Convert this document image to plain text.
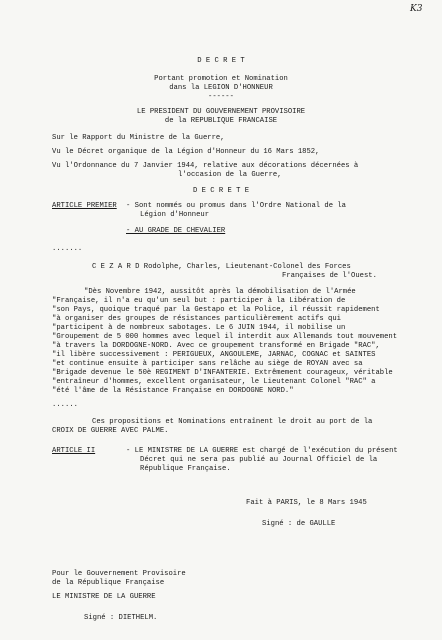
K3
D E C R E T
Portant promotion et Nomination
dans la LEGION D'HONNEUR
------
LE PRESIDENT DU GOUVERNEMENT PROVISOIRE
de la REPUBLIQUE FRANCAISE
Sur le Rapport du Ministre de la Guerre,
Vu le Décret organique de la Légion d'Honneur du 16 Mars 1852,
Vu l'Ordonnance du 7 Janvier 1944, relative aux décorations décernées à
l'occasion de la Guerre,
D E C R E T E
ARTICLE PREMIER - Sont nommés ou promus dans l'Ordre National de la
Légion d'Honneur
- AU GRADE DE CHEVALIER
.......
C E Z A R D Rodolphe, Charles, Lieutenant-Colonel des Forces
Françaises de l'Ouest.
"Dès Novembre 1942, aussitôt après la démobilisation de l'Armée
"Française, il n'a eu qu'un seul but : participer à la Libération de
"son Pays, quoique traqué par la Gestapo et la Police, il réussit rapidement
"à organiser des groupes de résistances particulièrement actifs qui
"participent à de nombreux sabotages. Le 6 JUIN 1944, il mobilise un
"Groupement de 5 000 hommes avec lequel il interdit aux Allemands tout mouvement
"à travers la DORDOGNE-NORD. Avec ce groupement transformé en Brigade "RAC",
"il libère successivement : PERIGUEUX, ANGOULEME, JARNAC, COGNAC et SAINTES
"et continue ensuite à participer sans relâche au siège de ROYAN avec sa
"Brigade devenue le 50è REGIMENT D'INFANTERIE. Extrêmement courageux, véritable
"entraîneur d'hommes, excellent organisateur, le Lieutenant Colonel "RAC" a
"été l'âme de la Résistance Française en DORDOGNE NORD."
......
Ces propositions et Nominations entraînent le droit au port de la
CROIX DE GUERRE AVEC PALME.
ARTICLE II	- LE MINISTRE DE LA GUERRE est chargé de l'exécution du présent
Décret qui ne sera pas publié au Journal Officiel de la
République Française.
Fait à PARIS, le 8 Mars 1945
Signé : de GAULLE
Pour le Gouvernement Provisoire
de la République Française
LE MINISTRE DE LA GUERRE
Signé : DIETHELM.
